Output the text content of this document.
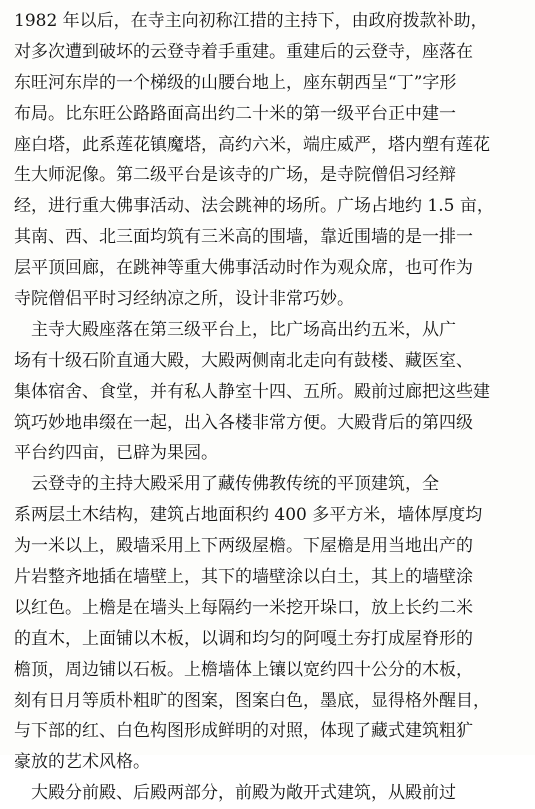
1982 年以后，在寺主向初称江措的主持下，由政府拨款补助，
对多次遭到破坏的云登寺着手重建。重建后的云登寺，座落在
东旺河东岸的一个梯级的山腰台地上，座东朝西呈“丁”字形
布局。比东旺公路路面高出约二十米的第一级平台正中建一
座白塔，此系莲花镇魔塔，高约六米，端庄威严，塔内塑有莲花
生大师泥像。第二级平台是该寺的广场，是寺院僧侣习经辩
经，进行重大佛事活动、法会跳神的场所。广场占地约 1.5 亩，
其南、西、北三面均筑有三米高的围墙，靠近围墙的是一排一
层平顶回廊，在跳神等重大佛事活动时作为观众席，也可作为
寺院僧侣平时习经纳凉之所，设计非常巧妙。
　主寺大殿座落在第三级平台上，比广场高出约五米，从广
场有十级石阶直通大殿，大殿两侧南北走向有鼓楼、藏医室、
集体宿舍、食堂，并有私人静室十四、五所。殿前过廊把这些建
筑巧妙地串缀在一起，出入各楼非常方便。大殿背后的第四级
平台约四亩，已辟为果园。
　云登寺的主持大殿采用了藏传佛教传统的平顶建筑，全
系两层土木结构，建筑占地面积约 400 多平方米，墙体厚度均
为一米以上，殿墙采用上下两级屋檐。下屋檐是用当地出产的
片岩整齐地插在墙壁上，其下的墙壁涂以白土，其上的墙壁涂
以红色。上檐是在墙头上每隔约一米挖开垛口，放上长约二米
的直木，上面铺以木板，以调和均匀的阿嘎土夯打成屋脊形的
檐顶，周边铺以石板。上檐墙体上镶以宽约四十公分的木板，
刻有日月等质朴粗旷的图案，图案白色，墨底，显得格外醒目，
与下部的红、白色构图形成鲜明的对照，体现了藏式建筑粗犷
豪放的艺术风格。
　大殿分前殿、后殿两部分，前殿为敞开式建筑，从殿前过
